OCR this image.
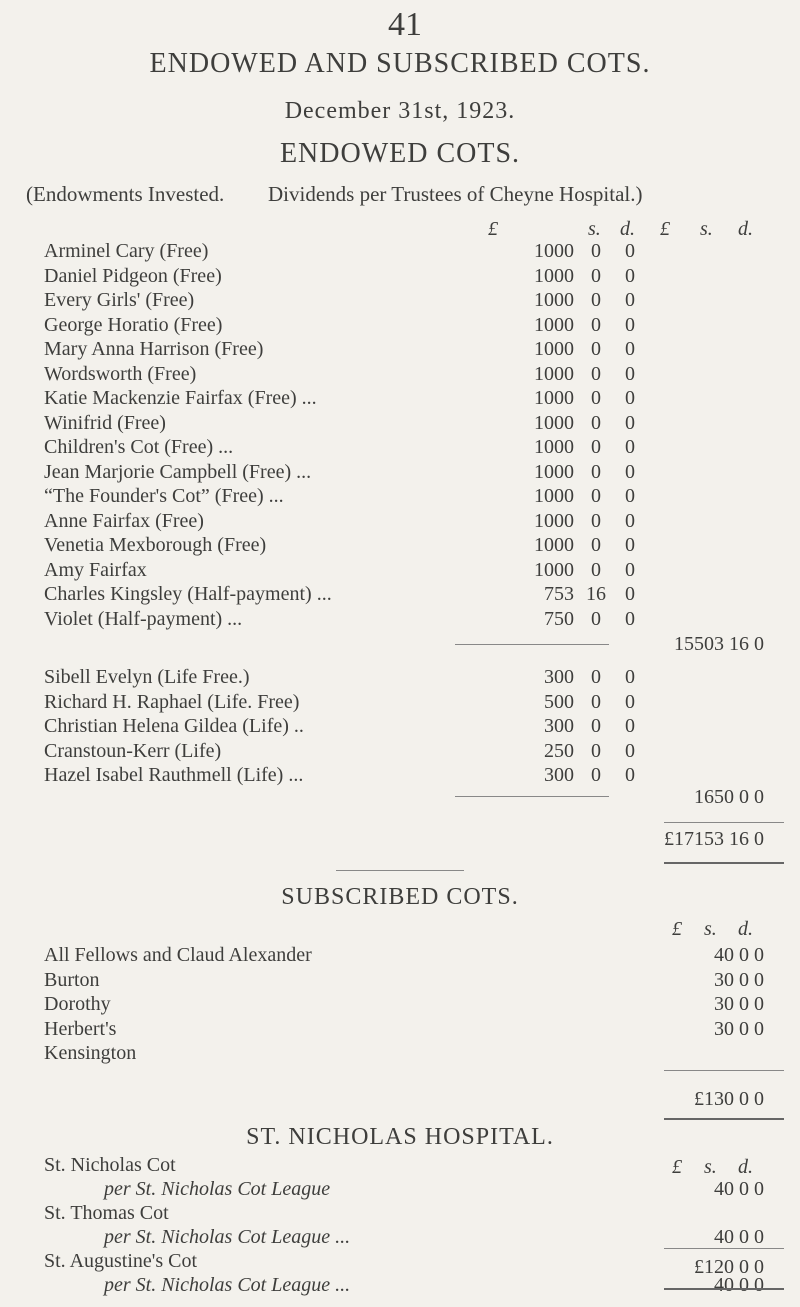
41
ENDOWED AND SUBSCRIBED COTS.
December 31st, 1923.
ENDOWED COTS.
(Endowments Invested. Dividends per Trustees of Cheyne Hospital.)
£	s. d. £ s. d.
Arminel Cary (Free)	1000 0	0
Daniel Pidgeon (Free)	1000 0	0
Every Girls' (Free)	1000 0	0
George Horatio (Free)	1000 0	0
Mary Anna Harrison (Free)	1000 0	0
Wordsworth (Free)	1000 0	0
Katie Mackenzie Fairfax (Free) ...	1000 0	0
Winifrid (Free)	1000 0	0
Children's Cot (Free) ...	1000 0	0
Jean Marjorie Campbell (Free) ...	1000 0	0
“The Founder's Cot” (Free) ...	1000 0	0
Anne Fairfax (Free)	1000 0	0
Venetia Mexborough (Free)	1000 0	0
Amy Fairfax	1000 0	0
Charles Kingsley (Half-payment) ...	753 16 0
Violet (Half-payment) ...	750 0	0
15503 16 0
Sibell Evelyn (Life Free.)	300 0	0
Richard H. Raphael (Life. Free)	500 0	0
Christian Helena Gildea (Life) ..	300 0	0
Cranstoun-Kerr (Life)	250 0	0
Hazel Isabel Rauthmell (Life) ...	300 0	0
1650 0 0
£17153 16 0
SUBSCRIBED COTS.
£ s. d.
All Fellows and Claud Alexander	40 0 0
Burton	30 0 0
Dorothy	30 0 0
Herbert's	30 0 0
Kensington
£130 0 0
ST. NICHOLAS HOSPITAL.
£ s. d.
St. Nicholas Cot
per St. Nicholas Cot League	40 0 0
St. Thomas Cot
per St. Nicholas Cot League ...	40 0 0
St. Augustine's Cot
per St. Nicholas Cot League ...	40 0 0
£120 0 0
